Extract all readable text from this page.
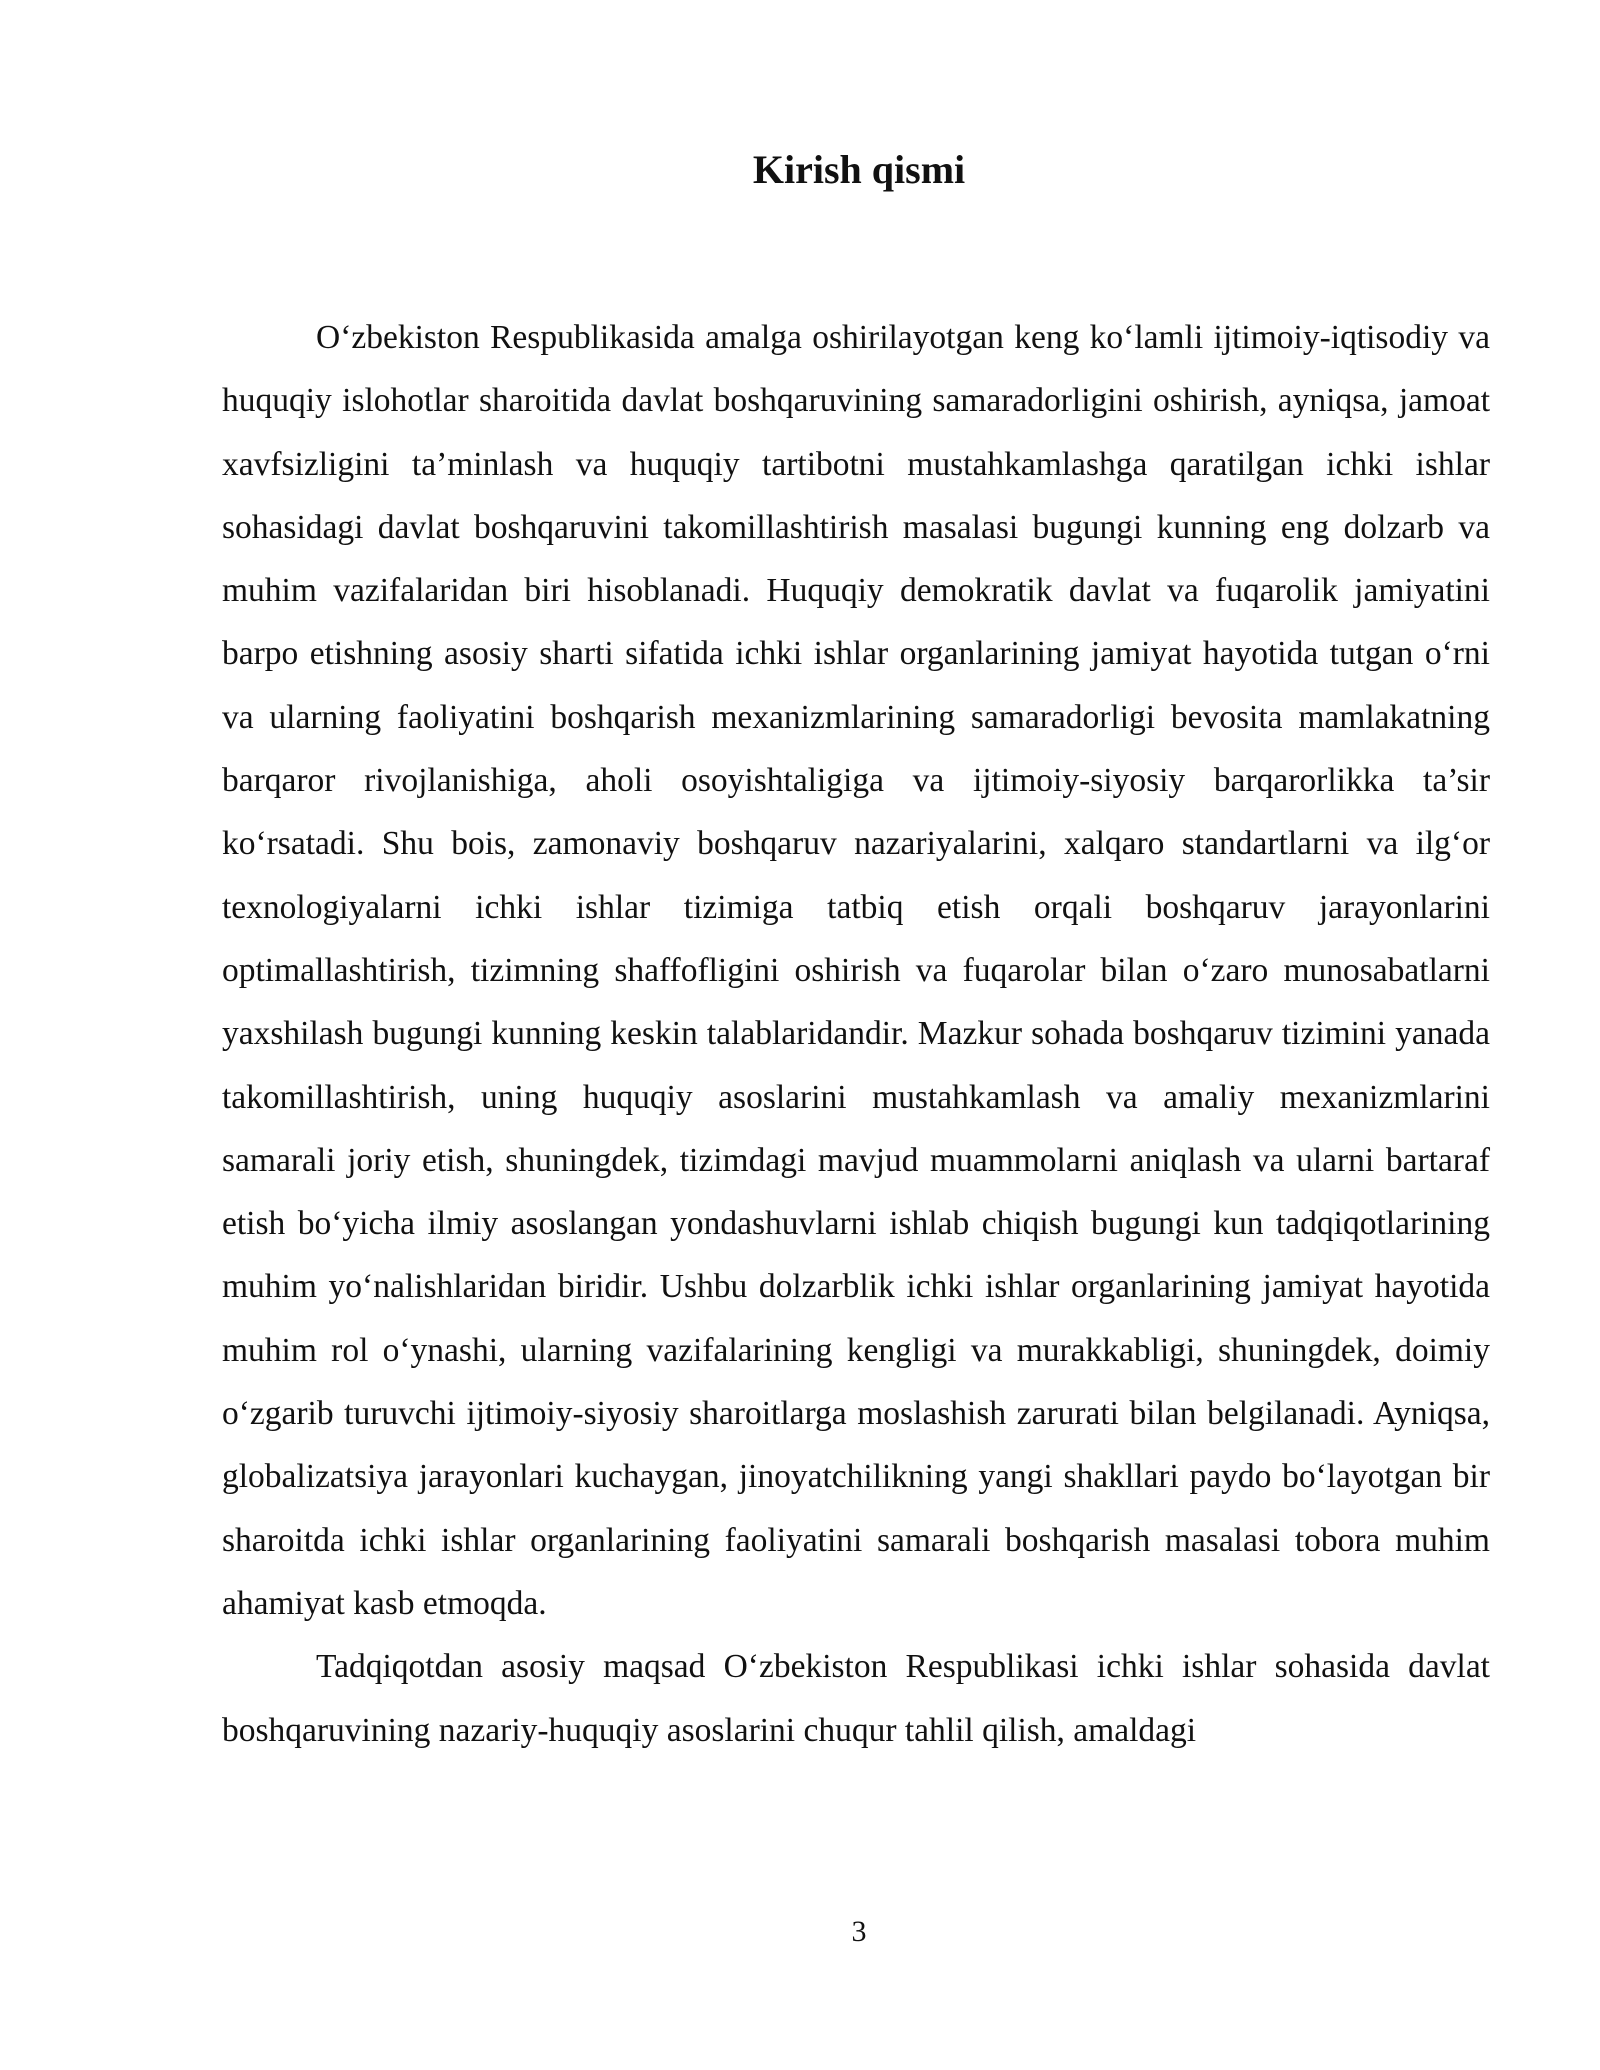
Kirish qismi

O‘zbekiston Respublikasida amalga oshirilayotgan keng ko‘lamli ijtimoiy-iqtisodiy va huquqiy islohotlar sharoitida davlat boshqaruvining samaradorligini oshirish, ayniqsa, jamoat xavfsizligini ta’minlash va huquqiy tartibotni mustahkamlashga qaratilgan ichki ishlar sohasidagi davlat boshqaruvini takomillashtirish masalasi bugungi kunning eng dolzarb va muhim vazifalaridan biri hisoblanadi. Huquqiy demokratik davlat va fuqarolik jamiyatini barpo etishning asosiy sharti sifatida ichki ishlar organlarining jamiyat hayotida tutgan o‘rni va ularning faoliyatini boshqarish mexanizmlarining samaradorligi bevosita mamlakatning barqaror rivojlanishiga, aholi osoyishtaligiga va ijtimoiy-siyosiy barqarorlikka ta’sir ko‘rsatadi. Shu bois, zamonaviy boshqaruv nazariyalarini, xalqaro standartlarni va ilg‘or texnologiyalarni ichki ishlar tizimiga tatbiq etish orqali boshqaruv jarayonlarini optimallashtirish, tizimning shaffofligini oshirish va fuqarolar bilan o‘zaro munosabatlarni yaxshilash bugungi kunning keskin talablaridandir. Mazkur sohada boshqaruv tizimini yanada takomillashtirish, uning huquqiy asoslarini mustahkamlash va amaliy mexanizmlarini samarali joriy etish, shuningdek, tizimdagi mavjud muammolarni aniqlash va ularni bartaraf etish bo‘yicha ilmiy asoslangan yondashuvlarni ishlab chiqish bugungi kun tadqiqotlarining muhim yo‘nalishlaridan biridir. Ushbu dolzarblik ichki ishlar organlarining jamiyat hayotida muhim rol o‘ynashi, ularning vazifalarining kengligi va murakkabligi, shuningdek, doimiy o‘zgarib turuvchi ijtimoiy-siyosiy sharoitlarga moslashish zarurati bilan belgilanadi. Ayniqsa, globalizatsiya jarayonlari kuchaygan, jinoyatchilikning yangi shakllari paydo bo‘layotgan bir sharoitda ichki ishlar organlarining faoliyatini samarali boshqarish masalasi tobora muhim ahamiyat kasb etmoqda.

Tadqiqotdan asosiy maqsad O‘zbekiston Respublikasi ichki ishlar sohasida davlat boshqaruvining nazariy-huquqiy asoslarini chuqur tahlil qilish, amaldagi

3
